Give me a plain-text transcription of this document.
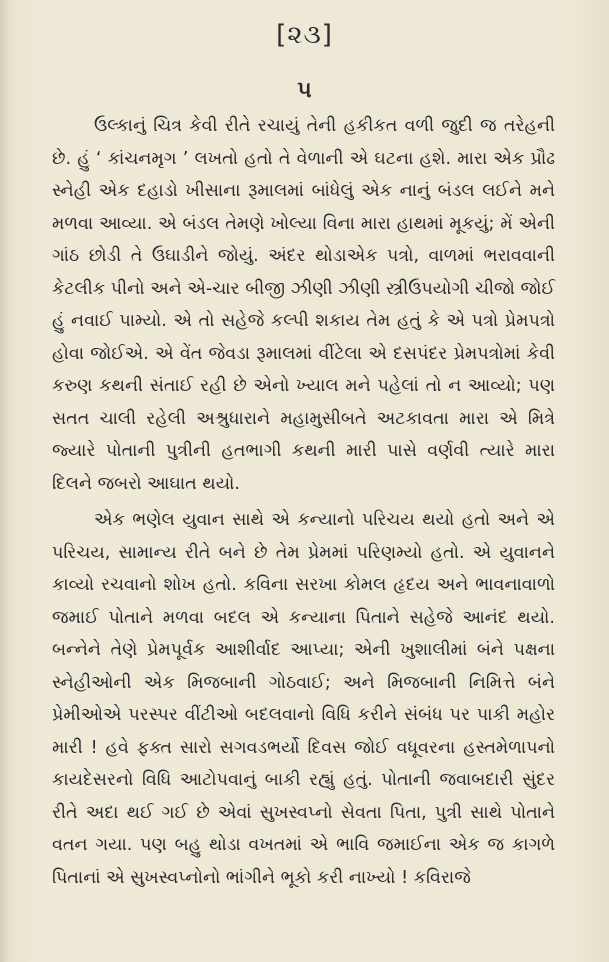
[૨૩]
૫

ઉલ્કાનું ચિત્ર કેવી રીતે રચાયું તેની હકીકત વળી જુદી જ તરેહની છે. હું ‘ કાંચનમૃગ ’ લખતો હતો તે વેળાની એ ઘટના હશે. મારા એક પ્રૌઢ સ્નેહી એક દહાડો ખીસાના રૂમાલમાં બાંધેલું એક નાનું બંડલ લઈને મને મળવા આવ્યા. એ બંડલ તેમણે ખોલ્યા વિના મારા હાથમાં મૂકયું; મેં એની ગાંઠ છોડી તે ઉઘાડીને જોયું. અંદર થોડાએક પત્રો, વાળમાં ભરાવવાની કેટલીક પીનો અને એ-ચાર બીજી ઝીણી ઝીણી સ્ત્રીઉપયોગી ચીજો જોઈ હું નવાઈ પામ્યો. એ તો સહેજે કલ્પી શકાય તેમ હતું કે એ પત્રો પ્રેમપત્રો હોવા જોઈએ. એ વેંત જેવડા રૂમાલમાં વીંટેલા એ દસપંદર પ્રેમપત્રોમાં કેવી કરુણ કથની સંતાઈ રહી છે એનો ખ્યાલ મને પહેલાં તો ન આવ્યો; પણ સતત ચાલી રહેલી અશ્રુધારાને મહામુસીબતે અટકાવતા મારા એ મિત્રે જ્યારે પોતાની પુત્રીની હતભાગી કથની મારી પાસે વર્ણવી ત્યારે મારા દિલને જબરો આઘાત થયો.

એક ભણેલ યુવાન સાથે એ કન્યાનો પરિચય થયો હતો અને એ પરિચય, સામાન્ય રીતે બને છે તેમ પ્રેમમાં પરિણમ્યો હતો. એ યુવાનને કાવ્યો રચવાનો શોખ હતો. કવિના સરખા કોમલ હૃદય અને ભાવનાવાળો જમાઈ પોતાને મળવા બદલ એ કન્યાના પિતાને સહેજે આનંદ થયો. બન્નેને તેણે પ્રેમપૂર્વક આશીર્વાદ આપ્યા; એની ખુશાલીમાં બંને પક્ષના સ્નેહીઓની એક મિજબાની ગોઠવાઈ; અને મિજબાની નિમિત્તે બંને પ્રેમીઓએ પરસ્પર વીંટીઓ બદલવાનો વિધિ કરીને સંબંધ પર પાકી મહોર મારી ! હવે ફક્ત સારો સગવડભર્યો દિવસ જોઈ વધૂવરના હસ્તમેળાપનો કાયદેસરનો વિધિ આટોપવાનું બાકી રહ્યું હતું. પોતાની જવાબદારી સુંદર રીતે અદા થઈ ગઈ છે એવાં સુખસ્વપ્નો સેવતા પિતા, પુત્રી સાથે પોતાને વતન ગયા. પણ બહુ થોડા વખતમાં એ ભાવિ જમાઈના એક જ કાગળે પિતાનાં એ સુખસ્વપ્નોનો ભાંગીને ભૂકો કરી નાખ્યો ! કવિરાજે
